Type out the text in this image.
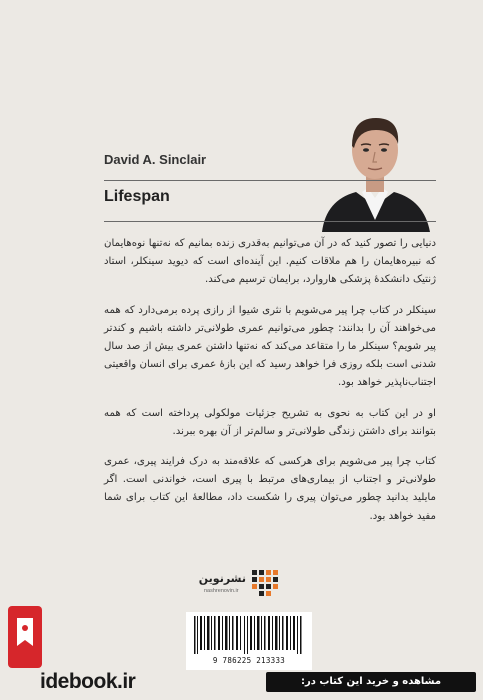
David A. Sinclair
Lifespan

دنیایی را تصور کنید که در آن می‌توانیم به‌قدری زنده بمانیم که نه‌تنها نوه‌هایمان که نبیره‌هایمان را هم ملاقات کنیم. این آینده‌ای است که دیوید سینکلر، استاد ژنتیک دانشکدهٔ پزشکی هاروارد، برایمان ترسیم می‌کند.

سینکلر در کتاب چرا پیر می‌شویم با نثری شیوا از رازی پرده برمی‌دارد که همه می‌خواهند آن را بدانند: چطور می‌توانیم عمری طولانی‌تر داشته باشیم و کندتر پیر شویم؟ سینکلر ما را متقاعد می‌کند که نه‌تنها داشتن عمری بیش از صد سال شدنی است بلکه روزی فرا خواهد رسید که این بازهٔ عمری برای انسان واقعیتی اجتناب‌ناپذیر خواهد بود.

او در این کتاب به نحوی به تشریح جزئیات مولکولی پرداخته است که همه بتوانند برای داشتن زندگی طولانی‌تر و سالم‌تر از آن بهره ببرند.

کتاب چرا پیر می‌شویم برای هرکسی که علاقه‌مند به درک فرایند پیری، عمری طولانی‌تر و اجتناب از بیماری‌های مرتبط با پیری است، خواندنی است. اگر مایلید بدانید چطور می‌توان پیری را شکست داد، مطالعهٔ این کتاب برای شما مفید خواهد بود.

نشرنوین
nashrenovin.ir
9 786225 213333
idebook.ir	مشاهده و خرید این کتاب در:
